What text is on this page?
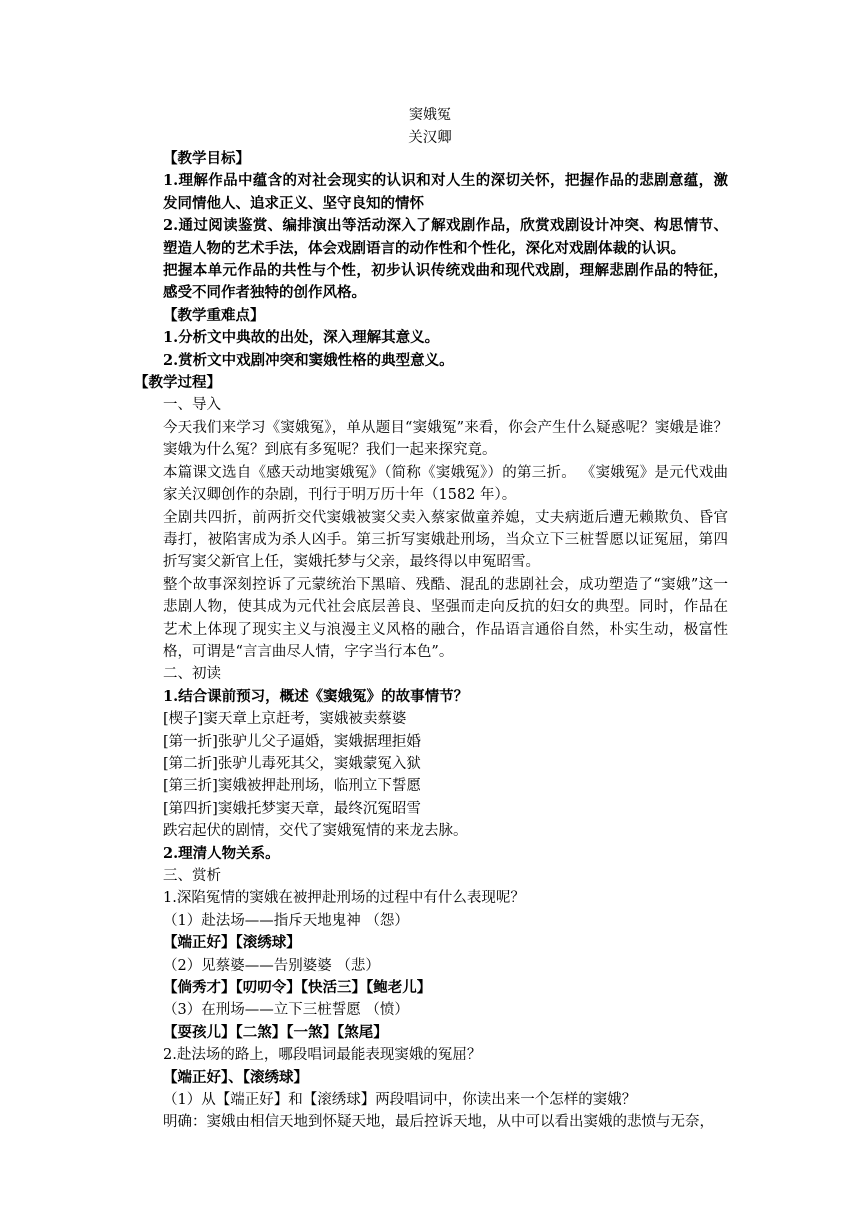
窦娥冤
关汉卿
【教学目标】
1.理解作品中蕴含的对社会现实的认识和对人生的深切关怀，把握作品的悲剧意蕴，激发同情他人、追求正义、坚守良知的情怀
2.通过阅读鉴赏、编排演出等活动深入了解戏剧作品，欣赏戏剧设计冲突、构思情节、塑造人物的艺术手法，体会戏剧语言的动作性和个性化，深化对戏剧体裁的认识。
把握本单元作品的共性与个性，初步认识传统戏曲和现代戏剧，理解悲剧作品的特征，感受不同作者独特的创作风格。
【教学重难点】
1.分析文中典故的出处，深入理解其意义。
2.赏析文中戏剧冲突和窦娥性格的典型意义。
【教学过程】
一、导入
今天我们来学习《窦娥冤》，单从题目“窦娥冤”来看，你会产生什么疑惑呢？窦娥是谁？窦娥为什么冤？到底有多冤呢？我们一起来探究竟。
本篇课文选自《感天动地窦娥冤》（简称《窦娥冤》）的第三折。 《窦娥冤》是元代戏曲家关汉卿创作的杂剧，刊行于明万历十年（1582 年）。
全剧共四折，前两折交代窦娥被窦父卖入蔡家做童养媳，丈夫病逝后遭无赖欺负、昏官毒打，被陷害成为杀人凶手。第三折写窦娥赴刑场，当众立下三桩誓愿以证冤屈，第四折写窦父新官上任，窦娥托梦与父亲，最终得以申冤昭雪。
整个故事深刻控诉了元蒙统治下黑暗、残酷、混乱的悲剧社会，成功塑造了“窦娥”这一悲剧人物，使其成为元代社会底层善良、坚强而走向反抗的妇女的典型。同时，作品在艺术上体现了现实主义与浪漫主义风格的融合，作品语言通俗自然，朴实生动，极富性格，可谓是“言言曲尽人情，字字当行本色”。
二、初读
1.结合课前预习，概述《窦娥冤》的故事情节？
[楔子]窦天章上京赶考，窦娥被卖蔡婆
[第一折]张驴儿父子逼婚，窦娥据理拒婚
[第二折]张驴儿毒死其父，窦娥蒙冤入狱
[第三折]窦娥被押赴刑场，临刑立下誓愿
[第四折]窦娥托梦窦天章，最终沉冤昭雪
跌宕起伏的剧情，交代了窦娥冤情的来龙去脉。
2.理清人物关系。
三、赏析
1.深陷冤情的窦娥在被押赴刑场的过程中有什么表现呢？
（1）赴法场——指斥天地鬼神 （怨）
【端正好】【滚绣球】
（2）见蔡婆——告别婆婆 （悲）
【倘秀才】【叨叨令】【快活三】【鲍老儿】
（3）在刑场——立下三桩誓愿 （愤）
【耍孩儿】【二煞】【一煞】【煞尾】
2.赴法场的路上，哪段唱词最能表现窦娥的冤屈？
【端正好】、【滚绣球】
（1）从【端正好】和【滚绣球】两段唱词中，你读出来一个怎样的窦娥？
明确：窦娥由相信天地到怀疑天地，最后控诉天地，从中可以看出窦娥的悲愤与无奈，
